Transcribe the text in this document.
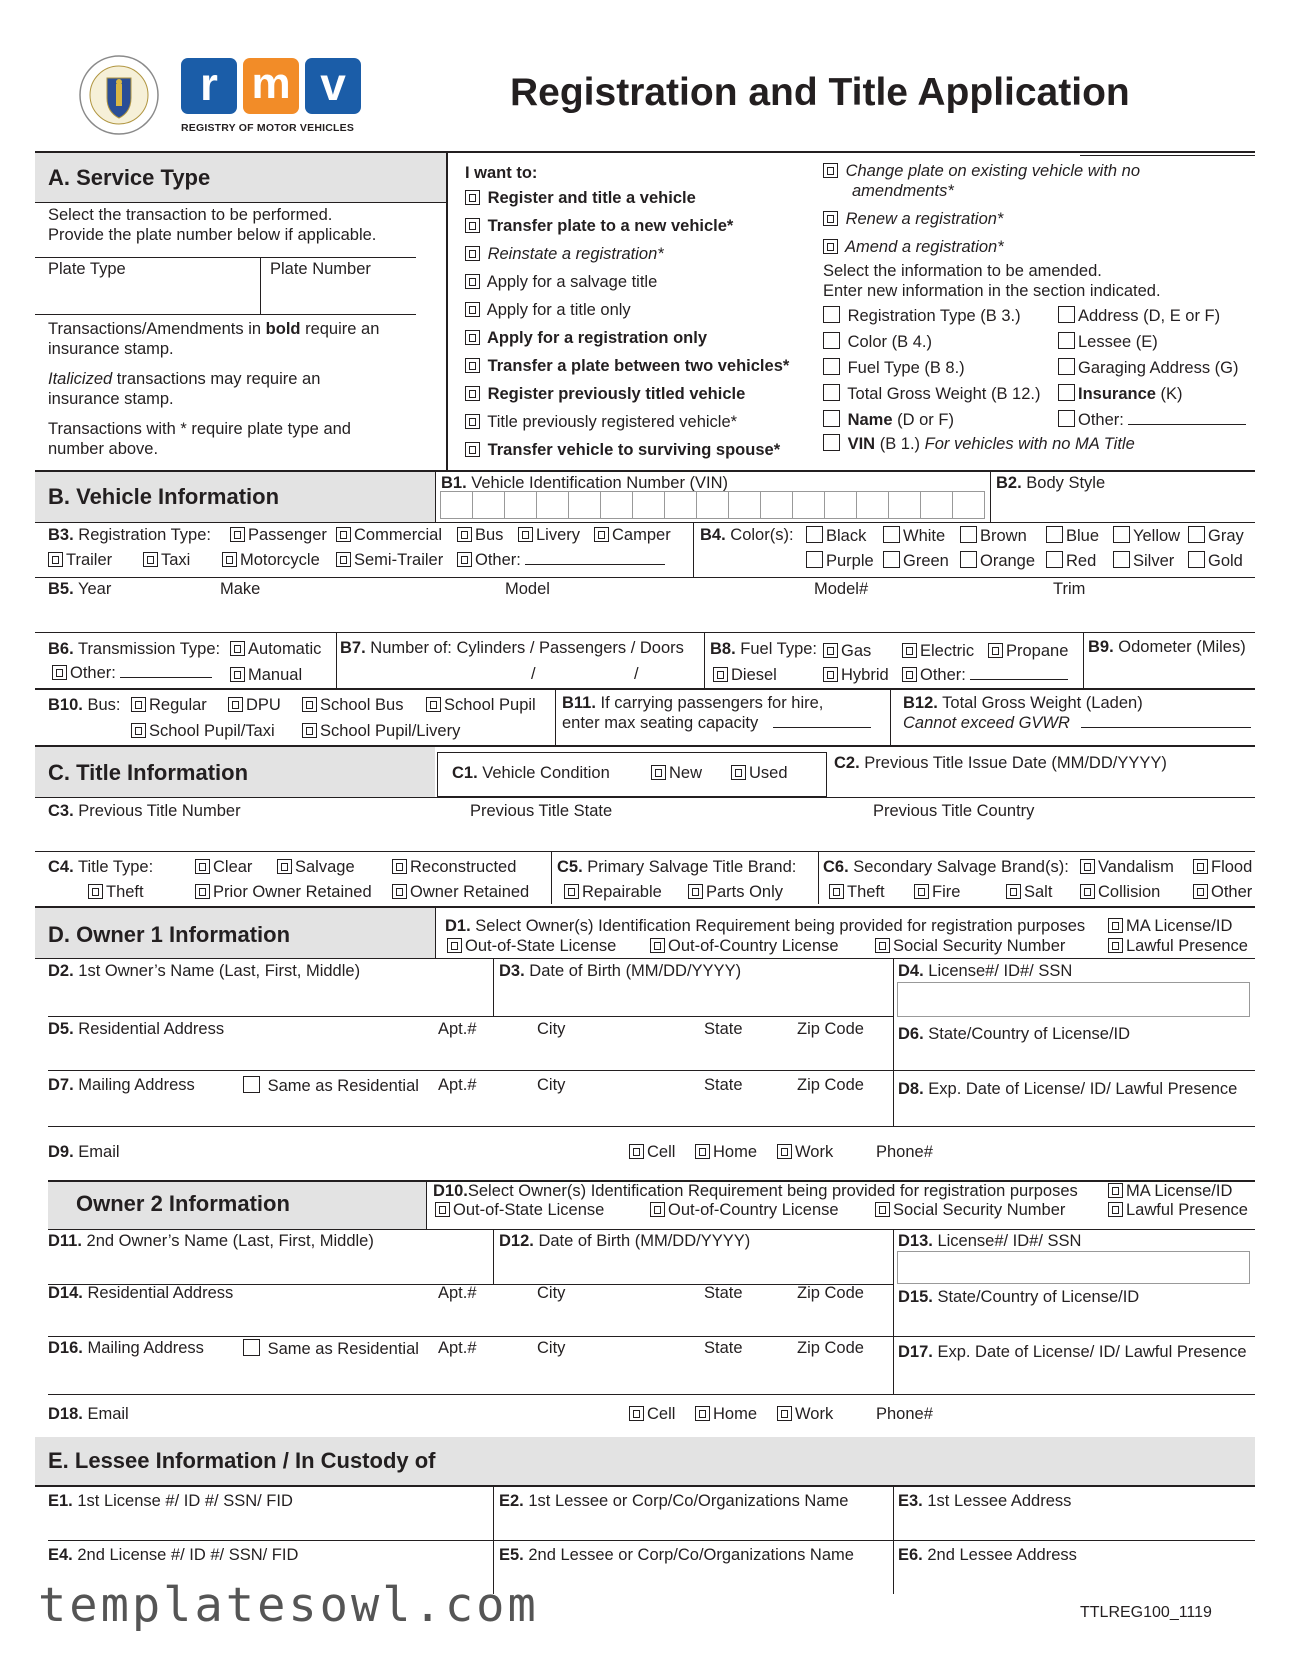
r m v
REGISTRY OF MOTOR VEHICLES
Registration and Title Application
A. Service Type
Select the transaction to be performed.
Provide the plate number below if applicable.
Plate Type	Plate Number
Transactions/Amendments in bold require an
insurance stamp.
Italicized transactions may require an
insurance stamp.
Transactions with * require plate type and
number above.
I want to:
Register and title a vehicle
Transfer plate to a new vehicle*
Reinstate a registration*
Apply for a salvage title
Apply for a title only
Apply for a registration only
Transfer a plate between two vehicles*
Register previously titled vehicle
Title previously registered vehicle*
Transfer vehicle to surviving spouse*
Change plate on existing vehicle with no
amendments*
Renew a registration*
Amend a registration*
Select the information to be amended.
Enter new information in the section indicated.
Registration Type (B 3.)
Color (B 4.)
Fuel Type (B 8.)
Total Gross Weight (B 12.)
Name (D or F)
VIN (B 1.) For vehicles with no MA Title
Address (D, E or F)
Lessee (E)
Garaging Address (G)
Insurance (K)
Other:
B. Vehicle Information
B1. Vehicle Identification Number (VIN)	B2. Body Style
B3. Registration Type:	Passenger	Commercial	Bus	Livery	Camper
Trailer	Taxi	Motorcycle	Semi-Trailer	Other:
B4. Color(s):	Black	White	Brown	Blue	Yellow	Gray
Purple	Green	Orange	Red	Silver	Gold
B5. Year	Make	Model	Model#	Trim
B6. Transmission Type:	Automatic
Other:	Manual
B7. Number of: Cylinders / Passengers / Doors
/	/
B8. Fuel Type:	Gas	Electric	Propane
Diesel	Hybrid	Other:
B9. Odometer (Miles)
B10. Bus:	Regular	DPU	School Bus	School Pupil
School Pupil/Taxi	School Pupil/Livery
B11. If carrying passengers for hire,
enter max seating capacity
B12. Total Gross Weight (Laden)
Cannot exceed GVWR
C. Title Information	C1. Vehicle Condition	New	Used
C2. Previous Title Issue Date (MM/DD/YYYY)
C3. Previous Title Number	Previous Title State	Previous Title Country
C4. Title Type:	Clear	Salvage	Reconstructed
Theft	Prior Owner Retained	Owner Retained
C5. Primary Salvage Title Brand:
Repairable	Parts Only
C6. Secondary Salvage Brand(s):	Vandalism	Flood
Theft	Fire	Salt	Collision	Other
D. Owner 1 Information	D1. Select Owner(s) Identification Requirement being provided for registration purposes	MA License/ID
Out-of-State License	Out-of-Country License	Social Security Number	Lawful Presence
D2. 1st Owner’s Name (Last, First, Middle)	D3. Date of Birth (MM/DD/YYYY)	D4. License#/ ID#/ SSN
D5. Residential Address	Apt.#	City	State	Zip Code D6. State/Country of License/ID
D7. Mailing Address	Same as Residential Apt.#	City	State	Zip Code D8. Exp. Date of License/ ID/ Lawful Presence
D9. Email	Cell	Home	Work	Phone#
Owner 2 Information	D10.Select Owner(s) Identification Requirement being provided for registration purposes	MA License/ID
Out-of-State License	Out-of-Country License	Social Security Number	Lawful Presence
D11. 2nd Owner’s Name (Last, First, Middle)	D12. Date of Birth (MM/DD/YYYY)	D13. License#/ ID#/ SSN
D14. Residential Address	Apt.#	City	State	Zip Code D15. State/Country of License/ID
D16. Mailing Address	Same as Residential Apt.#	City	State	Zip Code D17. Exp. Date of License/ ID/ Lawful Presence
D18. Email	Cell	Home	Work	Phone#
E. Lessee Information / In Custody of
E1. 1st License #/ ID #/ SSN/ FID	E2. 1st Lessee or Corp/Co/Organizations Name	E3. 1st Lessee Address
E4. 2nd License #/ ID #/ SSN/ FID	E5. 2nd Lessee or Corp/Co/Organizations Name	E6. 2nd Lessee Address
templatesowl.com	TTLREG100_1119
